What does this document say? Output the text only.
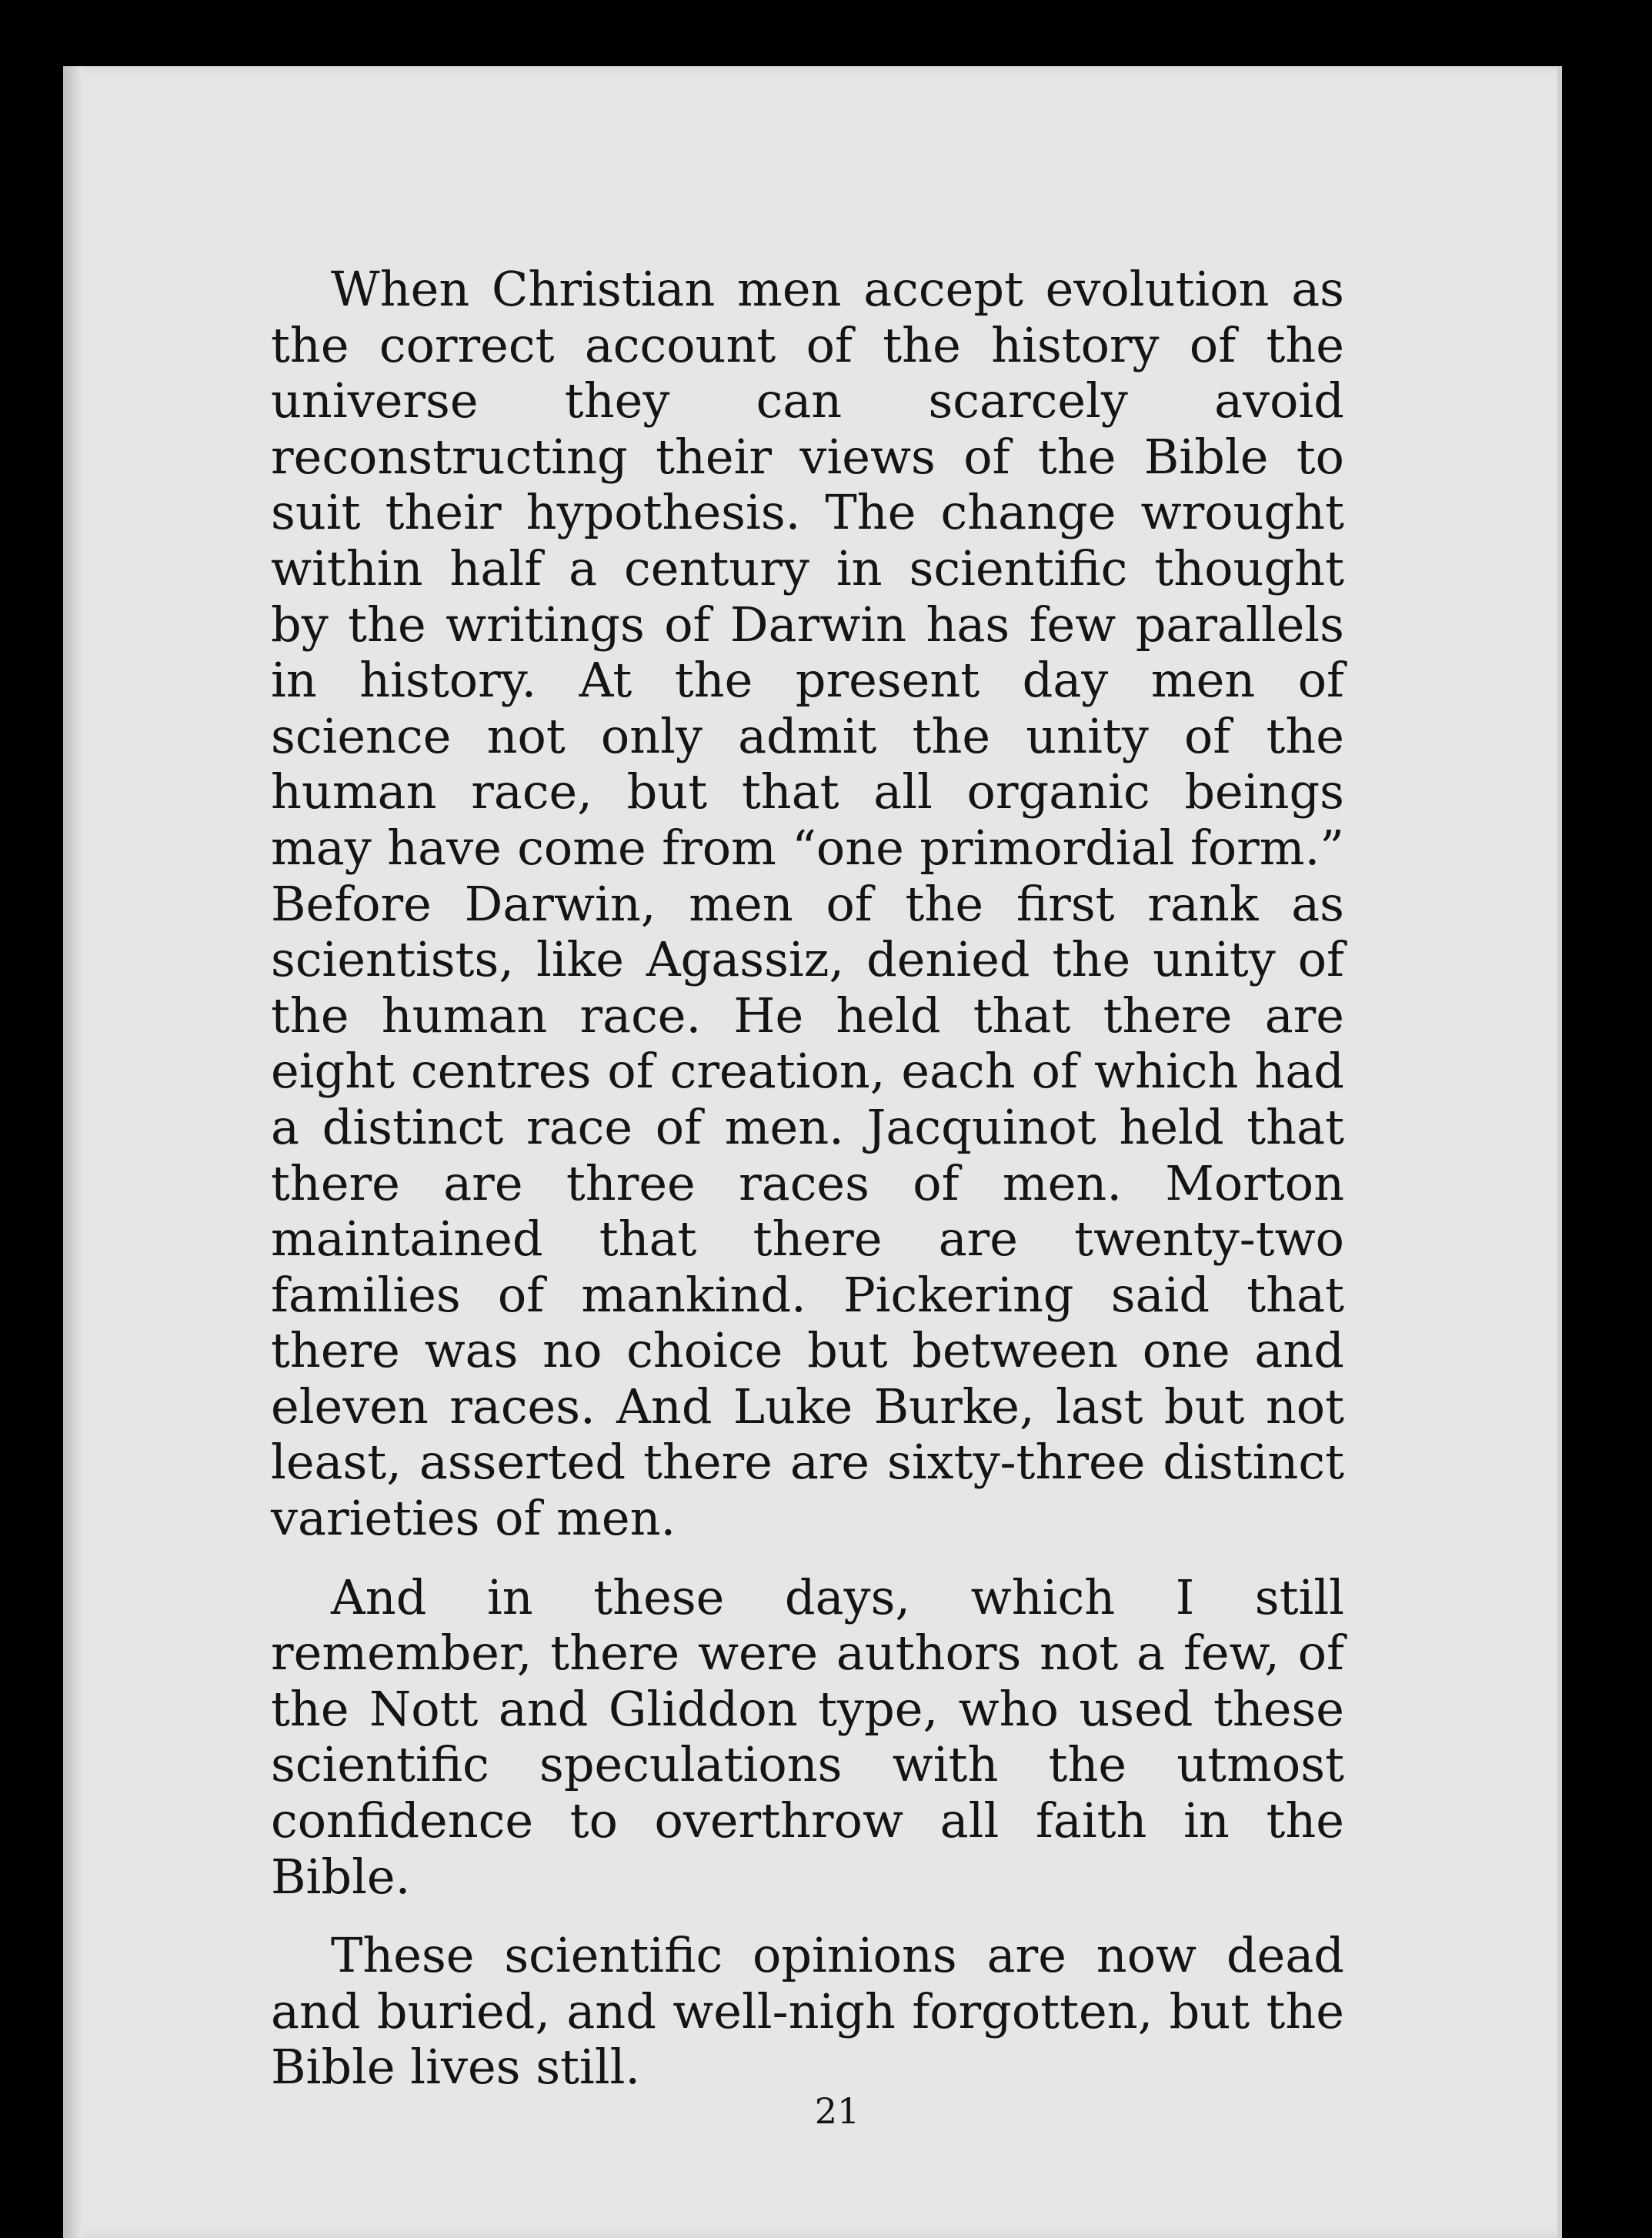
When Christian men accept evolution as the correct account of the history of the universe they can scarcely avoid reconstructing their views of the Bible to suit their hypothesis. The change wrought within half a century in scientific thought by the writings of Darwin has few parallels in history. At the present day men of science not only admit the unity of the human race, but that all organic beings may have come from “one primordial form.” Before Darwin, men of the first rank as scientists, like Agassiz, denied the unity of the human race. He held that there are eight centres of creation, each of which had a distinct race of men. Jacquinot held that there are three races of men. Morton maintained that there are twenty-two families of mankind. Pickering said that there was no choice but between one and eleven races. And Luke Burke, last but not least, asserted there are sixty-three distinct varieties of men.

And in these days, which I still remember, there were authors not a few, of the Nott and Gliddon type, who used these scientific speculations with the utmost confidence to overthrow all faith in the Bible.

These scientific opinions are now dead and buried, and well-nigh forgotten, but the Bible lives still.

21
